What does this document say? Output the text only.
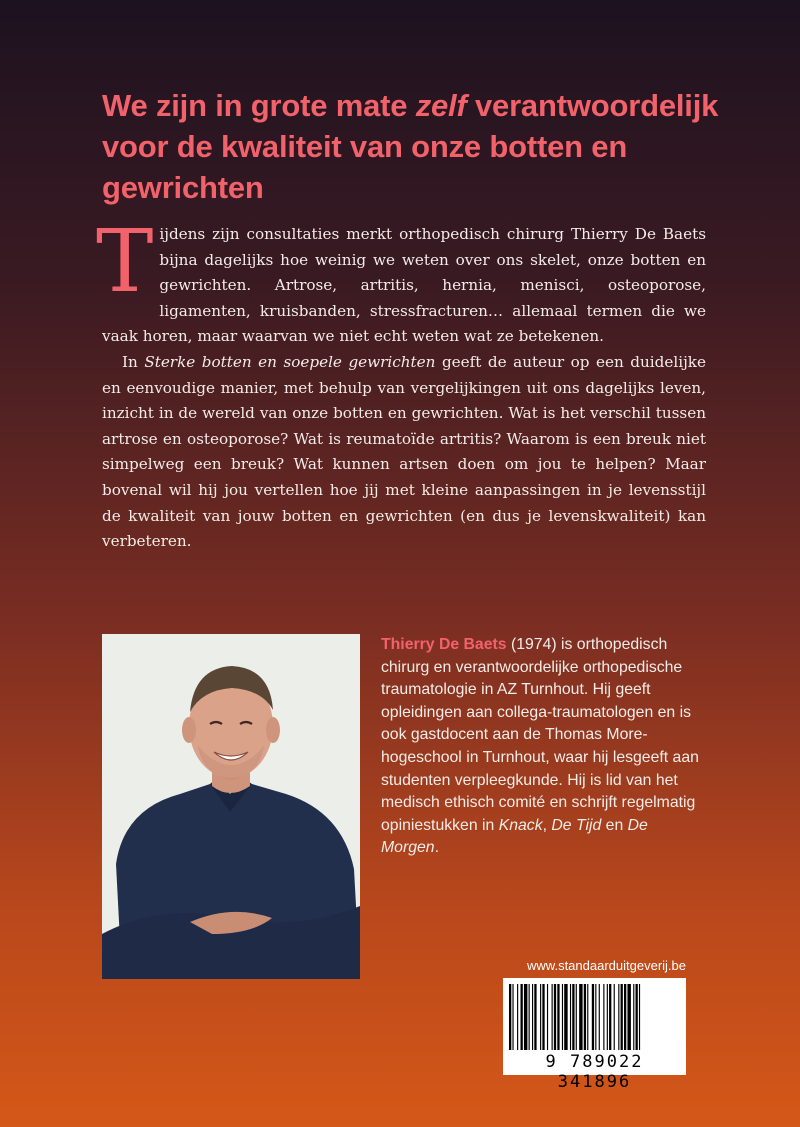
We zijn in grote mate zelf verantwoordelijk voor de kwaliteit van onze botten en gewrichten

Tijdens zijn consultaties merkt orthopedisch chirurg Thierry De Baets bijna dagelijks hoe weinig we weten over ons skelet, onze botten en gewrichten. Artrose, artritis, hernia, menisci, osteoporose, ligamenten, kruisbanden, stressfracturen… allemaal termen die we vaak horen, maar waarvan we niet echt weten wat ze betekenen.

In Sterke botten en soepele gewrichten geeft de auteur op een duidelijke en eenvoudige manier, met behulp van vergelijkingen uit ons dagelijks leven, inzicht in de wereld van onze botten en gewrichten. Wat is het verschil tussen artrose en osteoporose? Wat is reumatoïde artritis? Waarom is een breuk niet simpelweg een breuk? Wat kunnen artsen doen om jou te helpen? Maar bovenal wil hij jou vertellen hoe jij met kleine aanpassingen in je levensstijl de kwaliteit van jouw botten en gewrichten (en dus je levenskwaliteit) kan verbeteren.

Thierry De Baets (1974) is orthopedisch chirurg en verantwoordelijke orthopedische traumatologie in AZ Turnhout. Hij geeft opleidingen aan collega-traumatologen en is ook gastdocent aan de Thomas More-hogeschool in Turnhout, waar hij lesgeeft aan studenten verpleegkunde. Hij is lid van het medisch ethisch comité en schrijft regelmatig opiniestukken in Knack, De Tijd en De Morgen.
www.standaarduitgeverij.be
9 789022 341896
